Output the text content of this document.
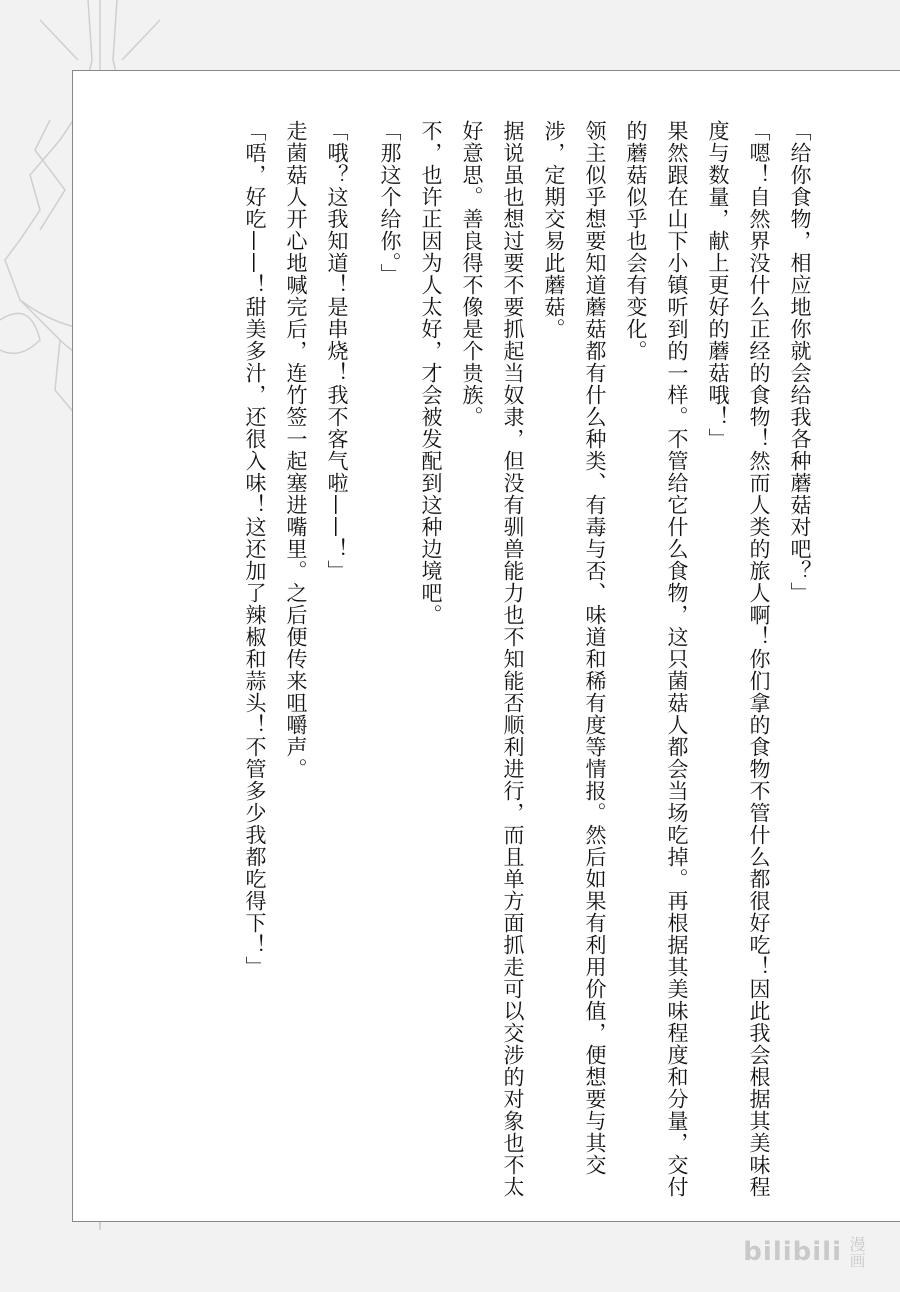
「给你食物，相应地你就会给我各种蘑菇对吧？」

「嗯！自然界没什么正经的食物！然而人类的旅人啊！你们拿的食物不管什么都很好吃！因此我会根据其美味程度与数量，献上更好的蘑菇哦！」

果然跟在山下小镇听到的一样。不管给它什么食物，这只菌菇人都会当场吃掉。再根据其美味程度和分量，交付的蘑菇似乎也会有变化。

领主似乎想要知道蘑菇都有什么种类、有毒与否、味道和稀有度等情报。然后如果有利用价值，便想要与其交涉，定期交易此蘑菇。

据说虽也想过要不要抓起当奴隶，但没有驯兽能力也不知能否顺利进行，而且单方面抓走可以交涉的对象也不太好意思。善良得不像是个贵族。

不，也许正因为人太好，才会被发配到这种边境吧。

「那这个给你。」

「哦？这我知道！是串烧！我不客气啦——！」

走菌菇人开心地喊完后，连竹签一起塞进嘴里。之后便传来咀嚼声。

「唔，好吃——！甜美多汁，还很入味！这还加了辣椒和蒜头！不管多少我都吃得下！」

bilibili 漫画
